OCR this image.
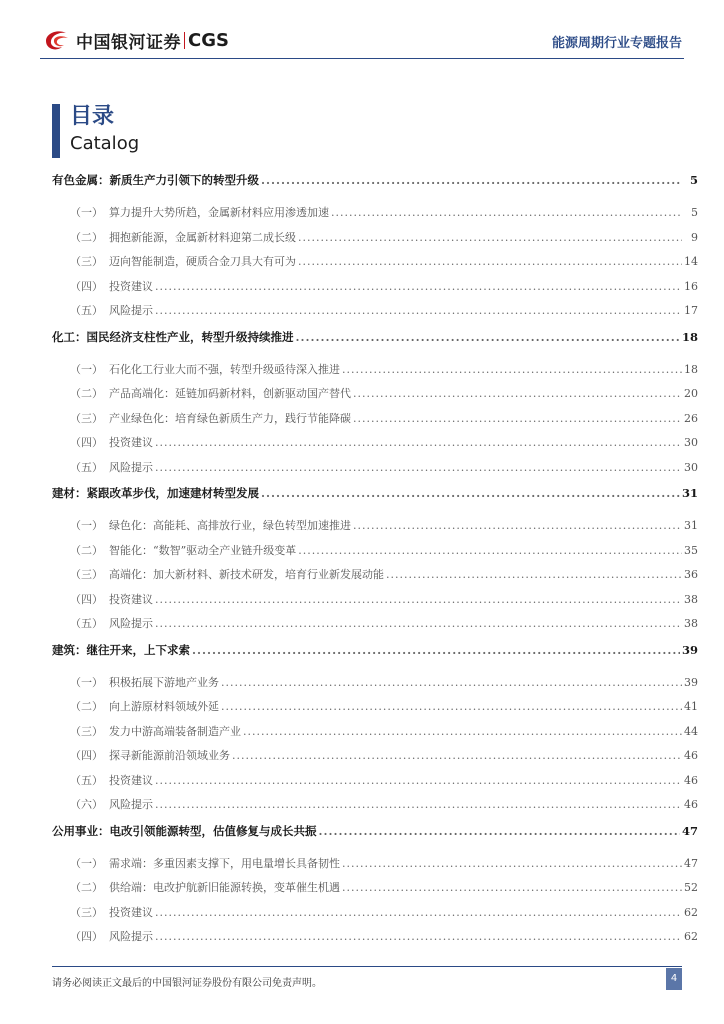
中国银河证券 CGS	能源周期行业专题报告
目录
Catalog
有色金属：新质生产力引领下的转型升级 .....	5
（一） 算力提升大势所趋，金属新材料应用渗透加速 .....	5
（二） 拥抱新能源，金属新材料迎第二成长级 .....	9
（三） 迈向智能制造，硬质合金刀具大有可为 .....	14
（四） 投资建议 .....	16
（五） 风险提示 .....	17
化工：国民经济支柱性产业，转型升级持续推进 .....	18
（一） 石化化工行业大而不强，转型升级亟待深入推进 .....	18
（二） 产品高端化：延链加码新材料，创新驱动国产替代 .....	20
（三） 产业绿色化：培育绿色新质生产力，践行节能降碳 .....	26
（四） 投资建议 .....	30
（五） 风险提示 .....	30
建材：紧跟改革步伐，加速建材转型发展 .....	31
（一） 绿色化：高能耗、高排放行业，绿色转型加速推进 .....	31
（二） 智能化：“数智”驱动全产业链升级变革 .....	35
（三） 高端化：加大新材料、新技术研发，培育行业新发展动能 .....	36
（四） 投资建议 .....	38
（五） 风险提示 .....	38
建筑：继往开来，上下求索 .....	39
（一） 积极拓展下游地产业务 .....	39
（二） 向上游原材料领域外延 .....	41
（三） 发力中游高端装备制造产业 .....	44
（四） 探寻新能源前沿领域业务 .....	46
（五） 投资建议 .....	46
（六） 风险提示 .....	46
公用事业：电改引领能源转型，估值修复与成长共振 .....	47
（一） 需求端：多重因素支撑下，用电量增长具备韧性 .....	47
（二） 供给端：电改护航新旧能源转换，变革催生机遇 .....	52
（三） 投资建议 .....	62
（四） 风险提示 .....	62
请务必阅读正文最后的中国银河证券股份有限公司免责声明。	4
